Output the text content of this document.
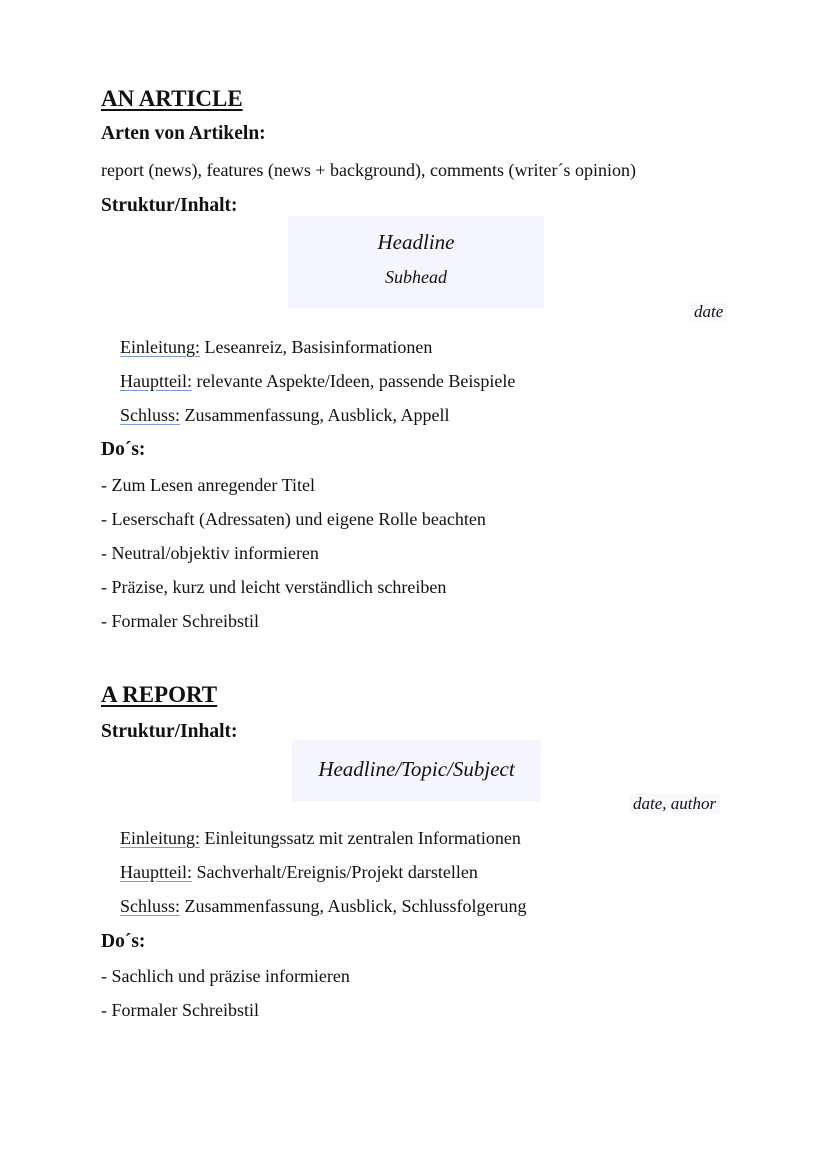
AN ARTICLE
Arten von Artikeln:
report (news), features (news + background), comments (writer´s opinion)
Struktur/Inhalt:
Headline
Subhead
date
Einleitung: Leseanreiz, Basisinformationen
Hauptteil: relevante Aspekte/Ideen, passende Beispiele
Schluss: Zusammenfassung, Ausblick, Appell
Do´s:
- Zum Lesen anregender Titel
- Leserschaft (Adressaten) und eigene Rolle beachten
- Neutral/objektiv informieren
- Präzise, kurz und leicht verständlich schreiben
- Formaler Schreibstil
A REPORT
Struktur/Inhalt:
Headline/Topic/Subject
date, author
Einleitung: Einleitungssatz mit zentralen Informationen
Hauptteil: Sachverhalt/Ereignis/Projekt darstellen
Schluss: Zusammenfassung, Ausblick, Schlussfolgerung
Do´s:
- Sachlich und präzise informieren
- Formaler Schreibstil
